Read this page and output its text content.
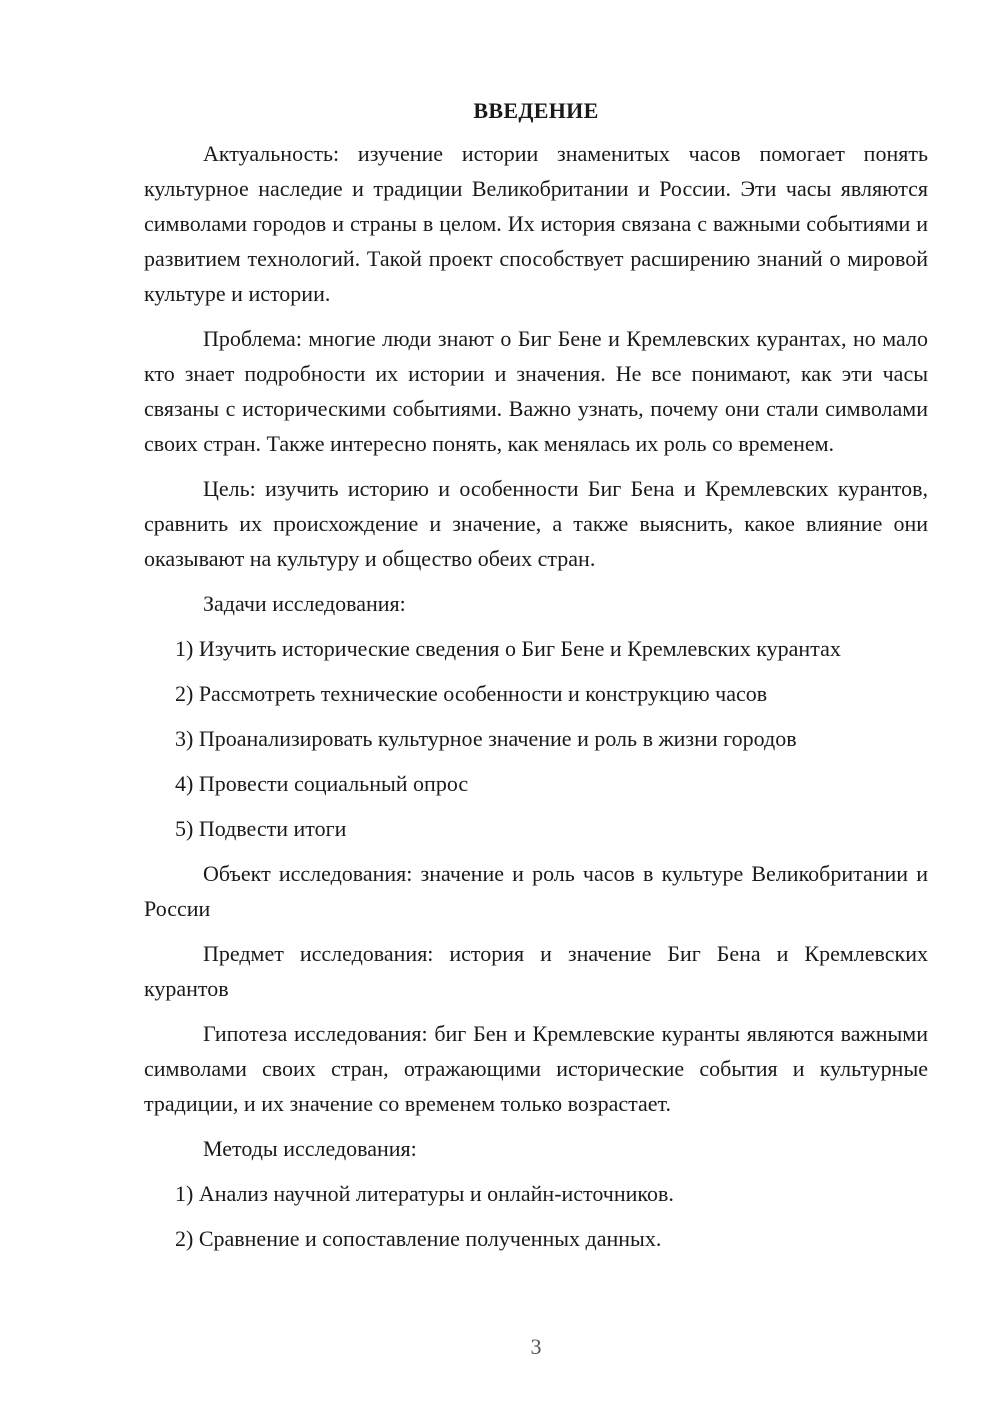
ВВЕДЕНИЕ

Актуальность: изучение истории знаменитых часов помогает понять культурное наследие и традиции Великобритании и России. Эти часы являются символами городов и страны в целом. Их история связана с важными событиями и развитием технологий. Такой проект способствует расширению знаний о мировой культуре и истории.

Проблема: многие люди знают о Биг Бене и Кремлевских курантах, но мало кто знает подробности их истории и значения. Не все понимают, как эти часы связаны с историческими событиями. Важно узнать, почему они стали символами своих стран. Также интересно понять, как менялась их роль со временем.

Цель: изучить историю и особенности Биг Бена и Кремлевских курантов, сравнить их происхождение и значение, а также выяснить, какое влияние они оказывают на культуру и общество обеих стран.

Задачи исследования:
1) Изучить исторические сведения о Биг Бене и Кремлевских курантах
2) Рассмотреть технические особенности и конструкцию часов
3) Проанализировать культурное значение и роль в жизни городов
4) Провести социальный опрос
5) Подвести итоги

Объект исследования: значение и роль часов в культуре Великобритании и России

Предмет исследования: история и значение Биг Бена и Кремлевских курантов

Гипотеза исследования: биг Бен и Кремлевские куранты являются важными символами своих стран, отражающими исторические события и культурные традиции, и их значение со временем только возрастает.

Методы исследования:
1) Анализ научной литературы и онлайн-источников.
2) Сравнение и сопоставление полученных данных.
3
